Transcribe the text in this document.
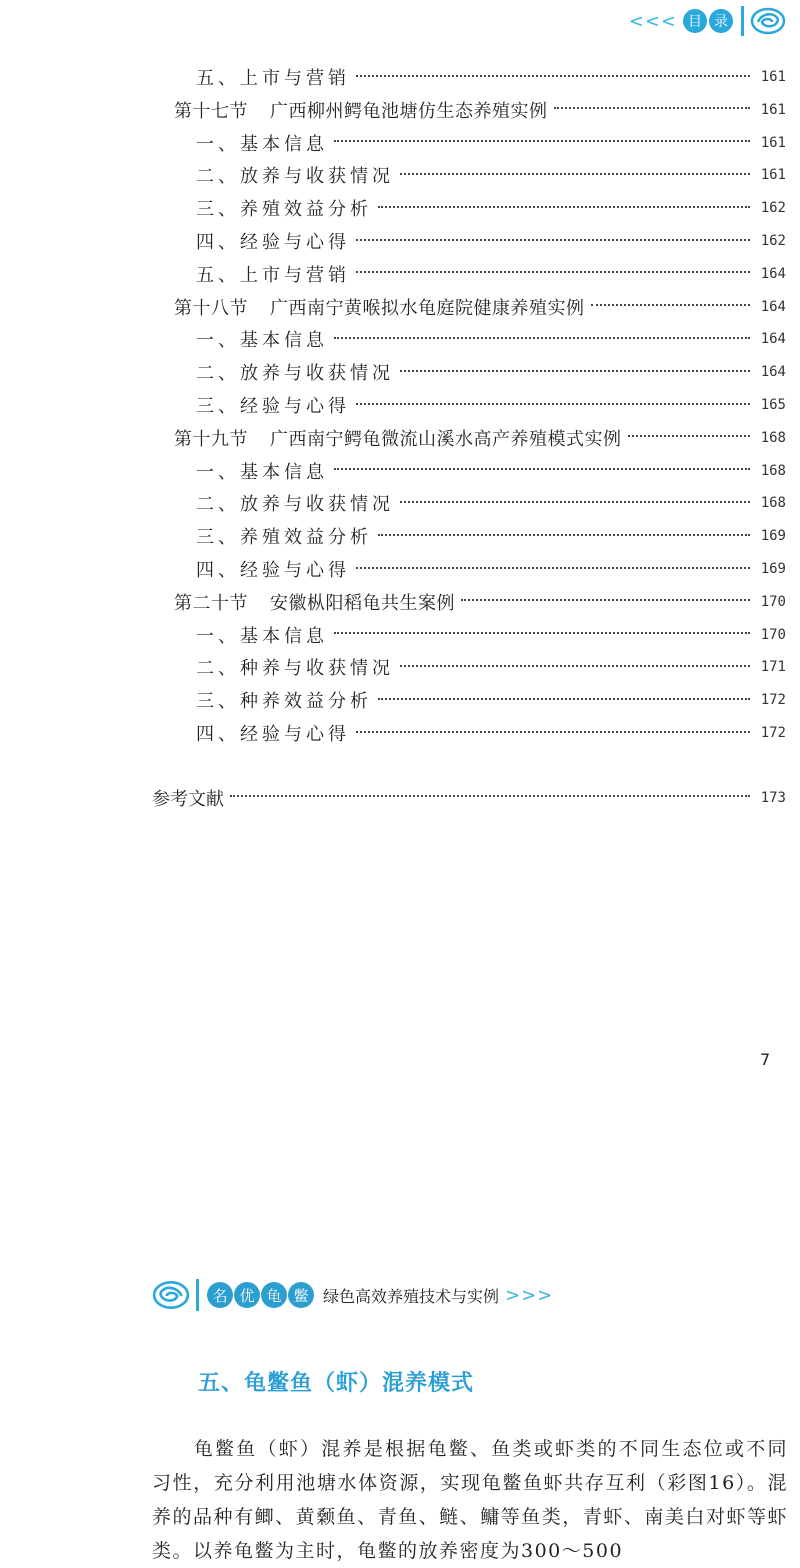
<<< 目 录
五、上市与营销	161
第十七节 广西柳州鳄龟池塘仿生态养殖实例	161
一、基本信息	161
二、放养与收获情况	161
三、养殖效益分析	162
四、经验与心得	162
五、上市与营销	164
第十八节 广西南宁黄喉拟水龟庭院健康养殖实例	164
一、基本信息	164
二、放养与收获情况	164
三、经验与心得	165
第十九节 广西南宁鳄龟微流山溪水高产养殖模式实例	168
一、基本信息	168
二、放养与收获情况	168
三、养殖效益分析	169
四、经验与心得	169
第二十节 安徽枞阳稻龟共生案例	170
一、基本信息	170
二、种养与收获情况	171
三、种养效益分析	172
四、经验与心得	172
参考文献	173
7
名 优 龟 鳖 绿色高效养殖技术与实例 >>>
五、龟鳖鱼（虾）混养模式

龟鳖鱼（虾）混养是根据龟鳖、鱼类或虾类的不同生态位或不同习性，充分利用池塘水体资源，实现龟鳖鱼虾共存互利（彩图16）。混养的品种有鲫、黄颡鱼、青鱼、鲢、鳙等鱼类，青虾、南美白对虾等虾类。以养龟鳖为主时，龟鳖的放养密度为300～500
